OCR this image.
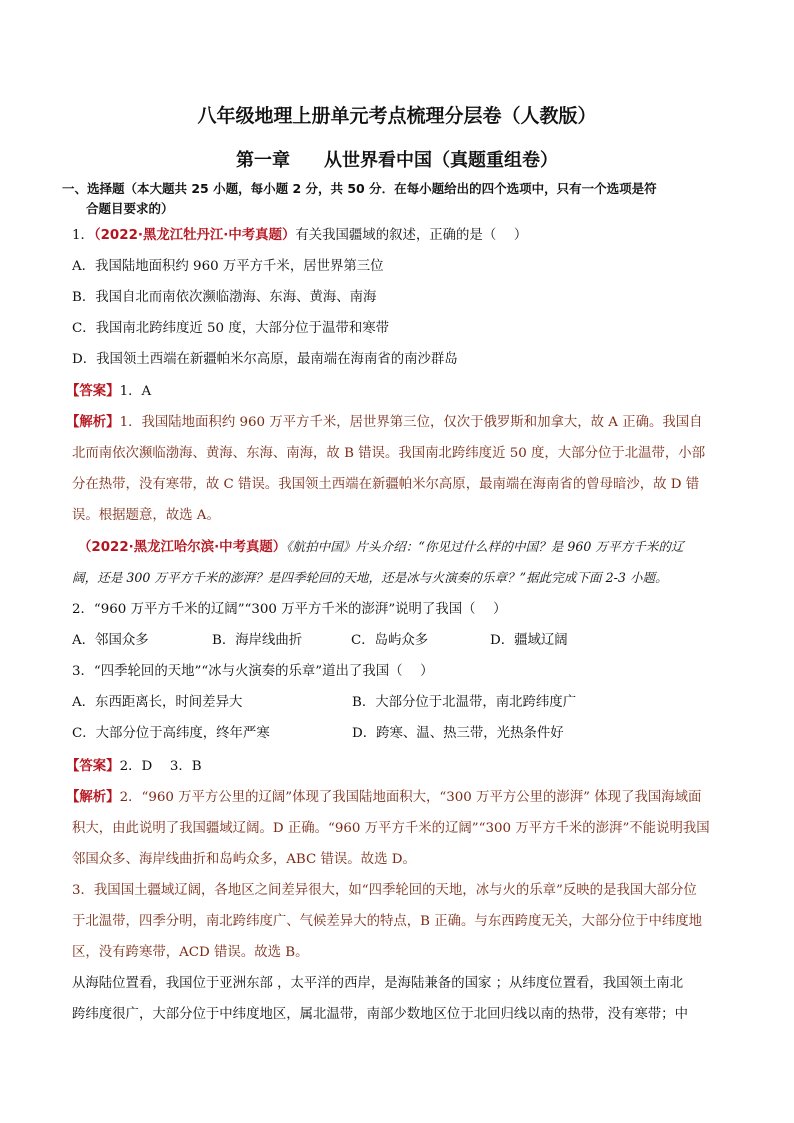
八年级地理上册单元考点梳理分层卷（人教版）
第一章 从世界看中国（真题重组卷）
一、选择题（本大题共 25 小题，每小题 2 分，共 50 分．在每小题给出的四个选项中，只有一个选项是符
合题目要求的）
1．（2022·黑龙江牡丹江·中考真题）有关我国疆域的叙述，正确的是（　 ）
A．我国陆地面积约 960 万平方千米，居世界第三位
B．我国自北而南依次濒临渤海、东海、黄海、南海
C．我国南北跨纬度近 50 度，大部分位于温带和寒带
D．我国领土西端在新疆帕米尔高原，最南端在海南省的南沙群岛
【答案】1．A
【解析】1．我国陆地面积约 960 万平方千米，居世界第三位，仅次于俄罗斯和加拿大，故 A 正确。我国自
北而南依次濒临渤海、黄海、东海、南海，故 B 错误。我国南北跨纬度近 50 度，大部分位于北温带，小部
分在热带，没有寒带，故 C 错误。我国领土西端在新疆帕米尔高原，最南端在海南省的曾母暗沙，故 D 错
误。根据题意，故选 A。
（2022·黑龙江哈尔滨·中考真题）《航拍中国》片头介绍：“你见过什么样的中国？是 960 万平方千米的辽
阔，还是 300 万平方千米的澎湃？是四季轮回的天地，还是冰与火演奏的乐章？”据此完成下面 2-3 小题。
2．“960 万平方千米的辽阔”“300 万平方千米的澎湃”说明了我国（　 ）
A．邻国众多	B．海岸线曲折	C．岛屿众多	D．疆域辽阔
3．“四季轮回的天地”“冰与火演奏的乐章”道出了我国（　 ）
A．东西距离长，时间差异大	B．大部分位于北温带，南北跨纬度广
C．大部分位于高纬度，终年严寒	D．跨寒、温、热三带，光热条件好
【答案】2．D　 3．B
【解析】2．“960 万平方公里的辽阔”体现了我国陆地面积大，“300 万平方公里的澎湃” 体现了我国海域面
积大，由此说明了我国疆域辽阔。D 正确。“960 万平方千米的辽阔”“300 万平方千米的澎湃”不能说明我国
邻国众多、海岸线曲折和岛屿众多，ABC 错误。故选 D。
3．我国国土疆域辽阔，各地区之间差异很大，如“四季轮回的天地，冰与火的乐章”反映的是我国大部分位
于北温带，四季分明，南北跨纬度广、气候差异大的特点，B 正确。与东西跨度无关，大部分位于中纬度地
区，没有跨寒带，ACD 错误。故选 B。
从海陆位置看，我国位于亚洲东部 ，太平洋的西岸，是海陆兼备的国家 ；从纬度位置看，我国领土南北
跨纬度很广，大部分位于中纬度地区，属北温带，南部少数地区位于北回归线以南的热带，没有寒带；中
